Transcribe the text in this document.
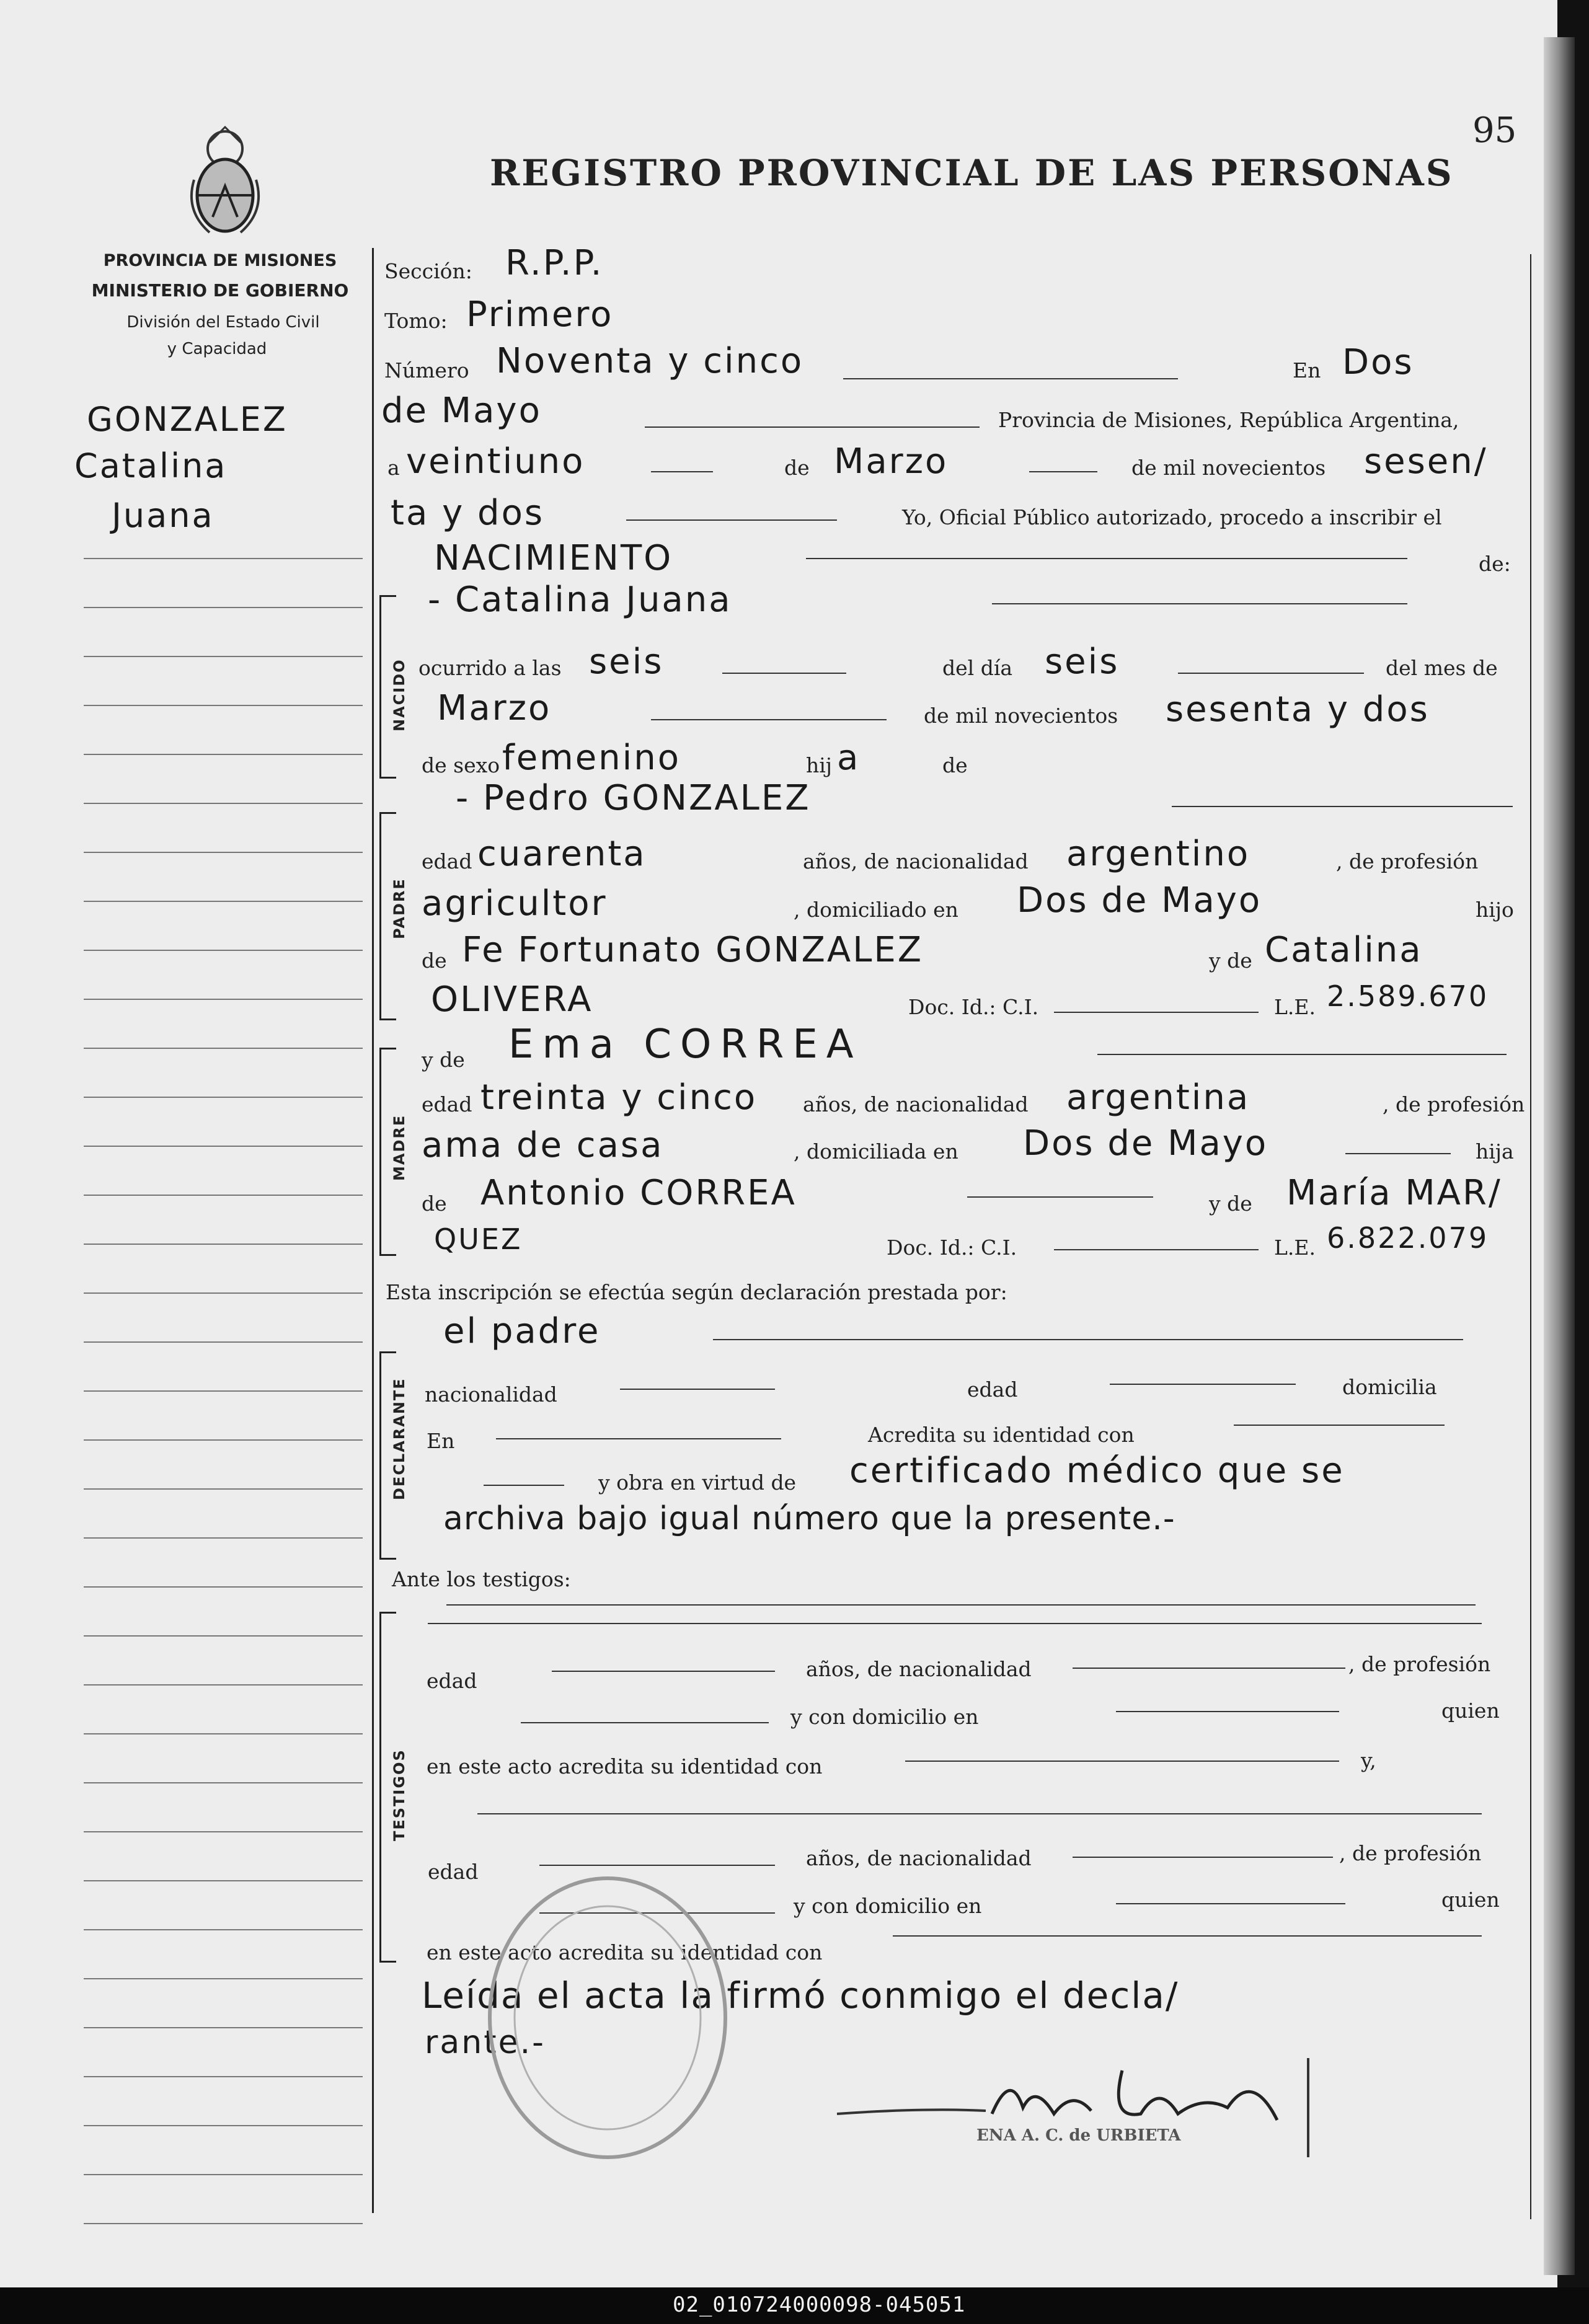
95
REGISTRO PROVINCIAL DE LAS PERSONAS
PROVINCIA DE MISIONES
MINISTERIO DE GOBIERNO
División del Estado Civil
y Capacidad
GONZALEZ
Catalina
Juana
Sección: R.P.P.
Tomo: Primero
Número Noventa y cinco	En Dos
de Mayo	Provincia de Misiones, República Argentina,
a veintiuno	de Marzo	de mil novecientos sesen/
ta y dos	Yo, Oficial Público autorizado, procedo a inscribir el
NACIMIENTO	de:
NACIDO
- Catalina Juana
ocurrido a las seis	del día seis	del mes de
Marzo	de mil novecientos sesenta y dos
de sexo femenino	hij a	de
- Pedro GONZALEZ
PADRE
edad cuarenta	años, de nacionalidad argentino	, de profesión
agricultor	, domiciliado en Dos de Mayo	hijo
de Fe Fortunato GONZALEZ	y de Catalina
OLIVERA	Doc. Id.: C.I.	L.E. 2.589.670
y de Ema CORREA
MADRE
edad treinta y cinco años, de nacionalidad argentina	, de profesión
ama de casa	, domiciliada en Dos de Mayo	hija
de Antonio CORREA	y de María MAR/
QUEZ	Doc. Id.: C.I.	L.E. 6.822.079
Esta inscripción se efectúa según declaración prestada por:
el padre
DECLARANTE nacionalidad	edad	domicilia
En	Acredita su identidad con
y obra en virtud de certificado médico que se
archiva bajo igual número que la presente.-
Ante los testigos:
TESTIGOS
edad	años, de nacionalidad	, de profesión
y con domicilio en	quien
en este acto acredita su identidad con	y,
edad
años, de nacionalidad	, de profesión
y con domicilio en	quien
en este acto acredita su identidad con
Leída el acta la firmó conmigo el decla/
rante.-
ENA A. C. de URBIETA
02_010724000098-045051
